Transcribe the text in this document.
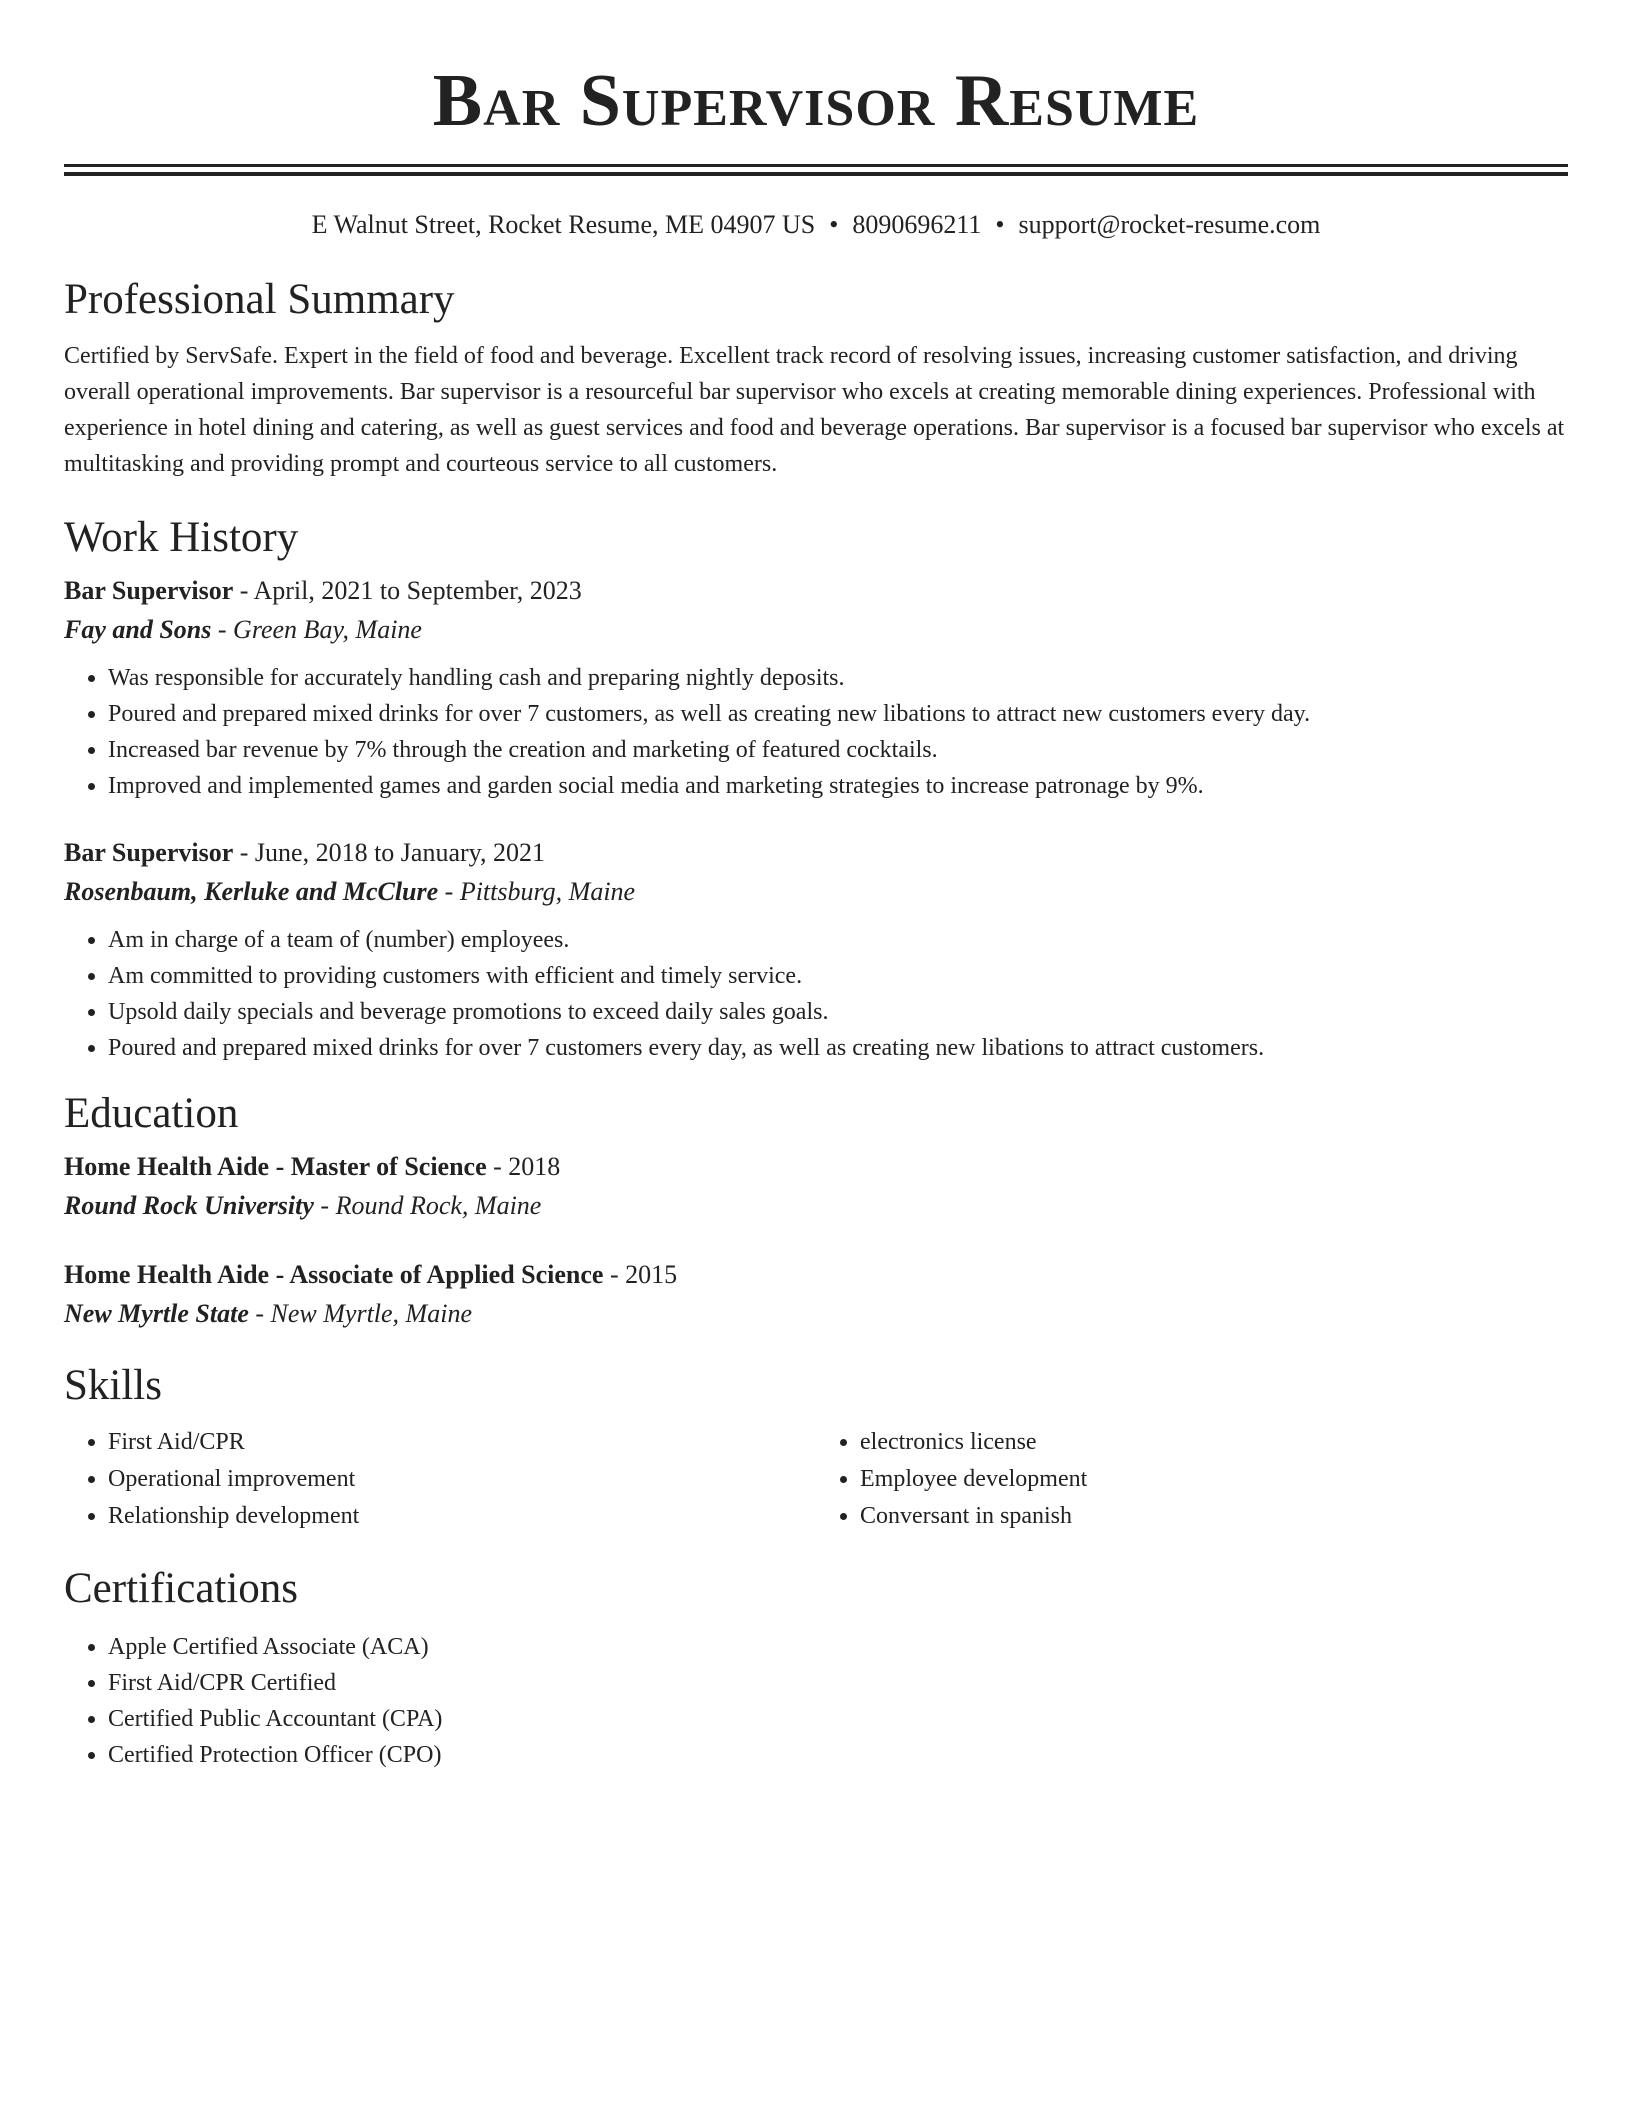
Bar Supervisor Resume
E Walnut Street, Rocket Resume, ME 04907 US • 8090696211 • support@rocket-resume.com
Professional Summary
Certified by ServSafe. Expert in the field of food and beverage. Excellent track record of resolving issues, increasing customer satisfaction, and driving overall operational improvements. Bar supervisor is a resourceful bar supervisor who excels at creating memorable dining experiences. Professional with experience in hotel dining and catering, as well as guest services and food and beverage operations. Bar supervisor is a focused bar supervisor who excels at multitasking and providing prompt and courteous service to all customers.
Work History
Bar Supervisor - April, 2021 to September, 2023
Fay and Sons - Green Bay, Maine
• Was responsible for accurately handling cash and preparing nightly deposits.
• Poured and prepared mixed drinks for over 7 customers, as well as creating new libations to attract new customers every day.
• Increased bar revenue by 7% through the creation and marketing of featured cocktails.
• Improved and implemented games and garden social media and marketing strategies to increase patronage by 9%.
Bar Supervisor - June, 2018 to January, 2021
Rosenbaum, Kerluke and McClure - Pittsburg, Maine
• Am in charge of a team of (number) employees.
• Am committed to providing customers with efficient and timely service.
• Upsold daily specials and beverage promotions to exceed daily sales goals.
• Poured and prepared mixed drinks for over 7 customers every day, as well as creating new libations to attract customers.
Education
Home Health Aide - Master of Science - 2018
Round Rock University - Round Rock, Maine
Home Health Aide - Associate of Applied Science - 2015
New Myrtle State - New Myrtle, Maine
Skills
• First Aid/CPR
• Operational improvement
• Relationship development
• electronics license
• Employee development
• Conversant in spanish
Certifications
• Apple Certified Associate (ACA)
• First Aid/CPR Certified
• Certified Public Accountant (CPA)
• Certified Protection Officer (CPO)
